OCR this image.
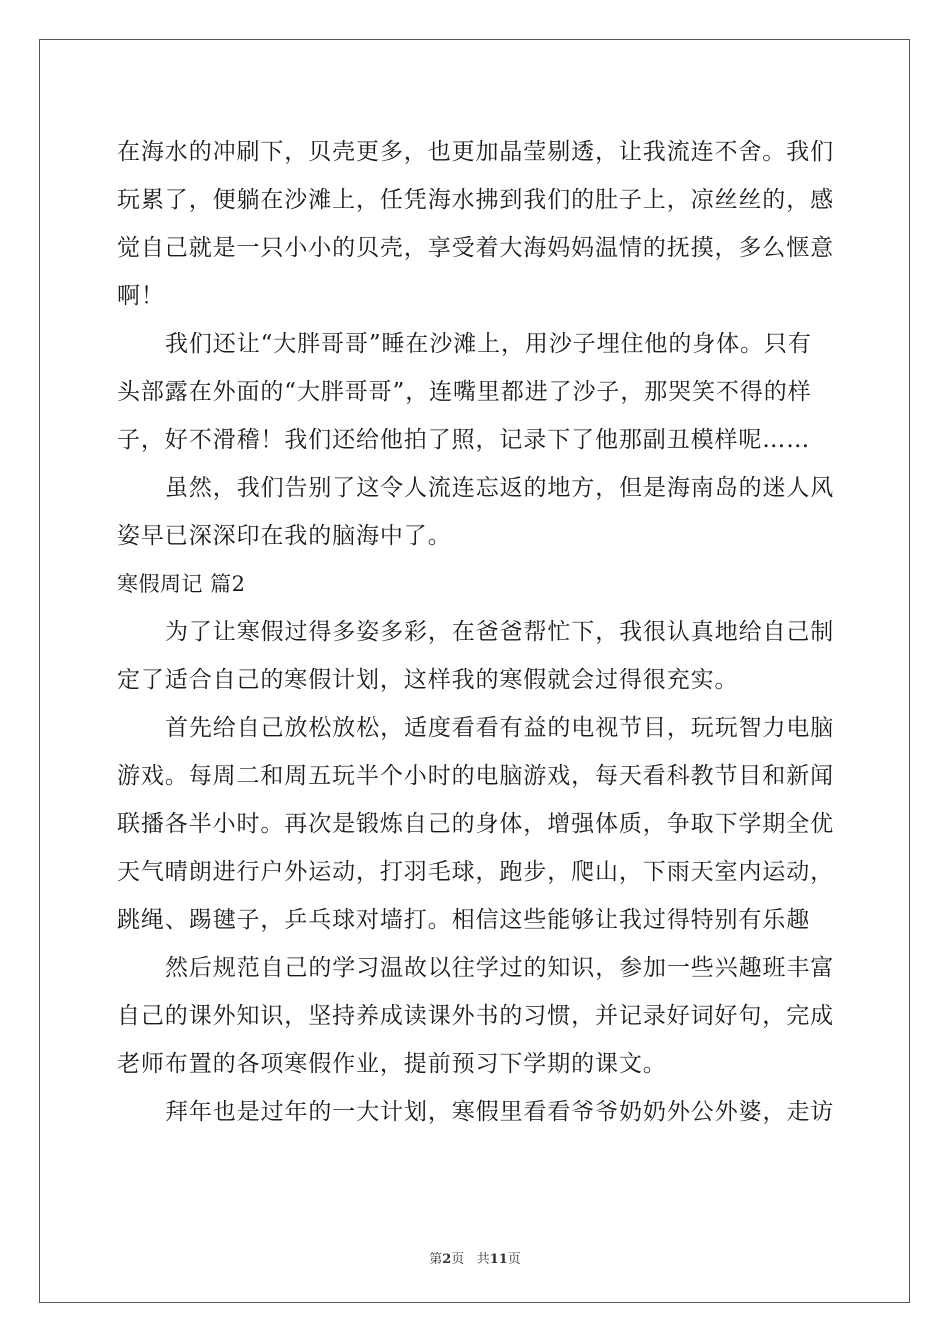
在海水的冲刷下，贝壳更多，也更加晶莹剔透，让我流连不舍。我们
玩累了，便躺在沙滩上，任凭海水拂到我们的肚子上，凉丝丝的，感
觉自己就是一只小小的贝壳，享受着大海妈妈温情的抚摸，多么惬意
啊！
我们还让“大胖哥哥”睡在沙滩上，用沙子埋住他的身体。只有
头部露在外面的“大胖哥哥”，连嘴里都进了沙子，那哭笑不得的样
子，好不滑稽！我们还给他拍了照，记录下了他那副丑模样呢……
虽然，我们告别了这令人流连忘返的地方，但是海南岛的迷人风
姿早已深深印在我的脑海中了。
寒假周记 篇2
为了让寒假过得多姿多彩，在爸爸帮忙下，我很认真地给自己制
定了适合自己的寒假计划，这样我的寒假就会过得很充实。
首先给自己放松放松，适度看看有益的电视节目，玩玩智力电脑
游戏。每周二和周五玩半个小时的电脑游戏，每天看科教节目和新闻
联播各半小时。再次是锻炼自己的身体，增强体质，争取下学期全优
天气晴朗进行户外运动，打羽毛球，跑步，爬山，下雨天室内运动，
跳绳、踢毽子，乒乓球对墙打。相信这些能够让我过得特别有乐趣
然后规范自己的学习温故以往学过的知识，参加一些兴趣班丰富
自己的课外知识，坚持养成读课外书的习惯，并记录好词好句，完成
老师布置的各项寒假作业，提前预习下学期的课文。
拜年也是过年的一大计划，寒假里看看爷爷奶奶外公外婆，走访
第2页 共11页
